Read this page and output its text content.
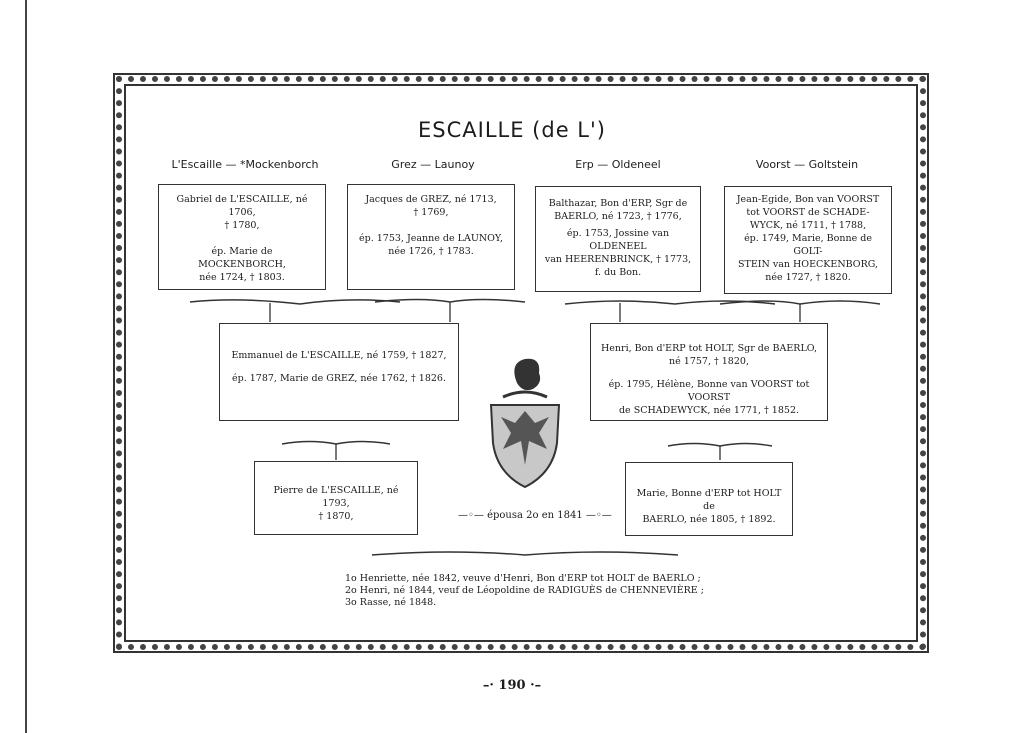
ESCAILLE (de L')
L'Escaille — *Mockenborch	Grez — Launoy	Erp — Oldeneel	Voorst — Goltstein
Gabriel de L'ESCAILLE, né 1706,
† 1780,
ép. Marie de MOCKENBORCH,
née 1724, † 1803.
Jacques de GREZ, né 1713,
† 1769,
ép. 1753, Jeanne de LAUNOY,
née 1726, † 1783.
Balthazar, Bon d'ERP, Sgr de
BAERLO, né 1723, † 1776,
ép. 1753, Jossine van OLDENEEL
van HEERENBRINCK, † 1773,
f. du Bon.
Jean-Egide, Bon van VOORST
tot VOORST de SCHADE-
WYCK, né 1711, † 1788,
ép. 1749, Marie, Bonne de GOLT-
STEIN van HOECKENBORG,
née 1727, † 1820.
Emmanuel de L'ESCAILLE, né 1759, † 1827,
ép. 1787, Marie de GREZ, née 1762, † 1826.
Henri, Bon d'ERP tot HOLT, Sgr de BAERLO,
né 1757, † 1820,
ép. 1795, Hélène, Bonne van VOORST tot VOORST
de SCHADEWYCK, née 1771, † 1852.
Pierre de L'ESCAILLE, né 1793,
† 1870,
Marie, Bonne d'ERP tot HOLT de
BAERLO, née 1805, † 1892.
—◦— épousa 2o en 1841 —◦—
1o Henriette, née 1842, veuve d'Henri, Bon d'ERP tot HOLT de BAERLO ;
2o Henri, né 1844, veuf de Léopoldine de RADIGUÈS de CHENNEVIÈRE ;
3o Rasse, né 1848.
–· 190 ·–
